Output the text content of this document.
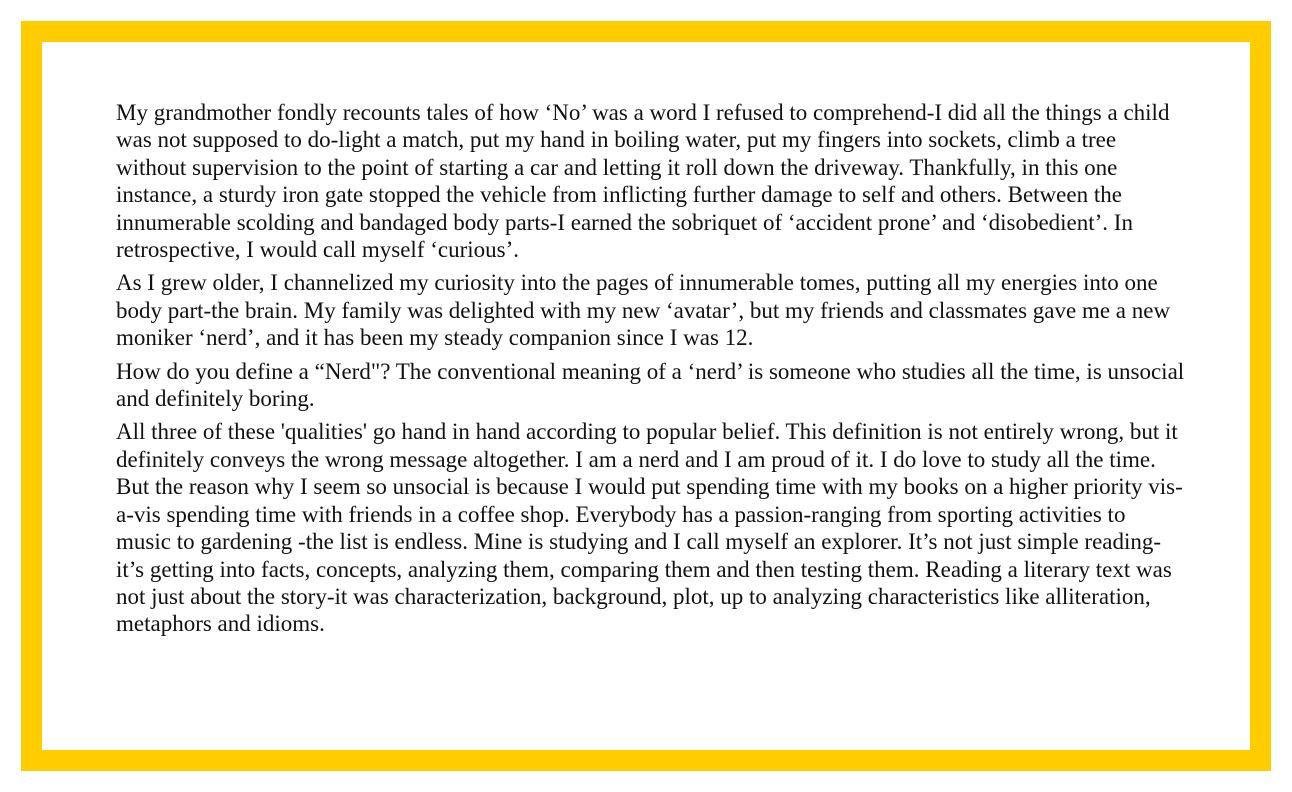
My grandmother fondly recounts tales of how ‘No’ was a word I refused to comprehend-I did all the things a child was not supposed to do-light a match, put my hand in boiling water, put my fingers into sockets, climb a tree without supervision to the point of starting a car and letting it roll down the driveway. Thankfully, in this one instance, a sturdy iron gate stopped the vehicle from inflicting further damage to self and others. Between the innumerable scolding and bandaged body parts-I earned the sobriquet of ‘accident prone’ and ‘disobedient’. In retrospective, I would call myself ‘curious’.

As I grew older, I channelized my curiosity into the pages of innumerable tomes, putting all my energies into one body part-the brain. My family was delighted with my new ‘avatar’, but my friends and classmates gave me a new moniker ‘nerd’, and it has been my steady companion since I was 12.

How do you define a “Nerd"? The conventional meaning of a ‘nerd’ is someone who studies all the time, is unsocial and definitely boring.

All three of these 'qualities' go hand in hand according to popular belief. This definition is not entirely wrong, but it definitely conveys the wrong message altogether. I am a nerd and I am proud of it. I do love to study all the time. But the reason why I seem so unsocial is because I would put spending time with my books on a higher priority vis-a-vis spending time with friends in a coffee shop. Everybody has a passion-ranging from sporting activities to music to gardening -the list is endless. Mine is studying and I call myself an explorer. It’s not just simple reading-it’s getting into facts, concepts, analyzing them, comparing them and then testing them. Reading a literary text was not just about the story-it was characterization, background, plot, up to analyzing characteristics like alliteration, metaphors and idioms.
